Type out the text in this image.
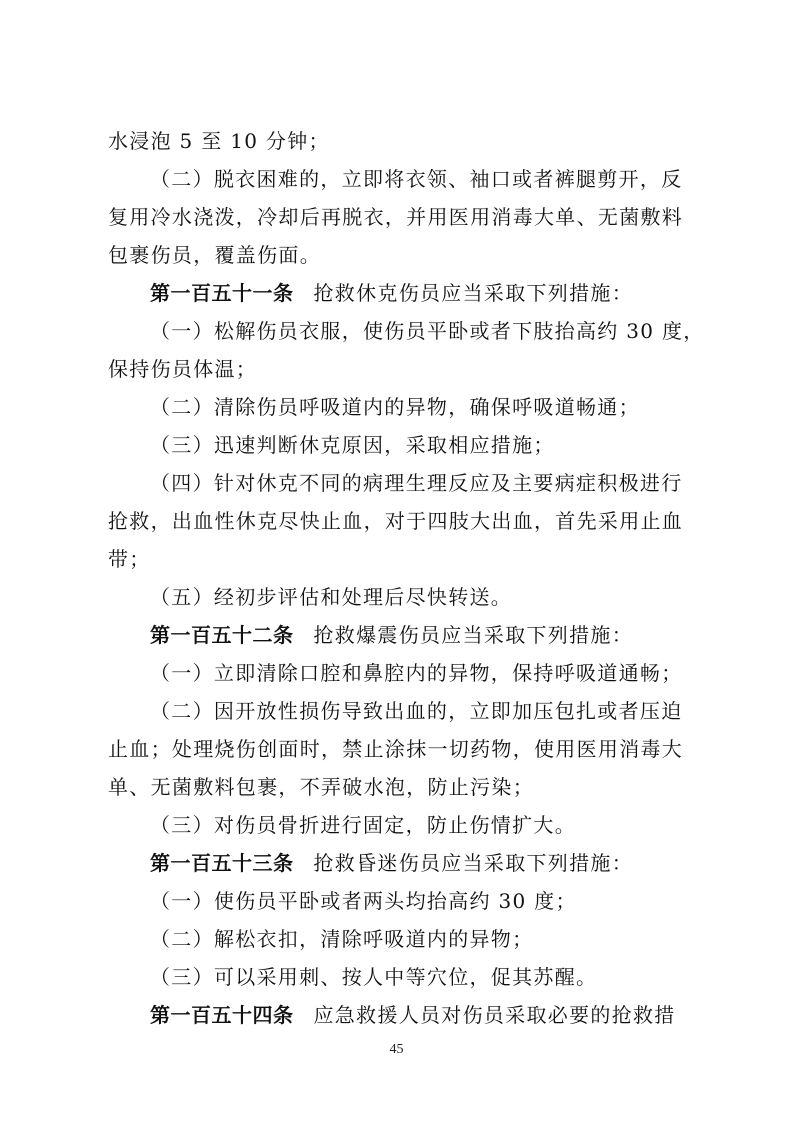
水浸泡 5 至 10 分钟；
（二）脱衣困难的，立即将衣领、袖口或者裤腿剪开，反
复用冷水浇泼，冷却后再脱衣，并用医用消毒大单、无菌敷料
包裹伤员，覆盖伤面。
第一百五十一条 抢救休克伤员应当采取下列措施：
（一）松解伤员衣服，使伤员平卧或者下肢抬高约 30 度，
保持伤员体温；
（二）清除伤员呼吸道内的异物，确保呼吸道畅通；
（三）迅速判断休克原因，采取相应措施；
（四）针对休克不同的病理生理反应及主要病症积极进行
抢救，出血性休克尽快止血，对于四肢大出血，首先采用止血
带；
（五）经初步评估和处理后尽快转送。
第一百五十二条 抢救爆震伤员应当采取下列措施：
（一）立即清除口腔和鼻腔内的异物，保持呼吸道通畅；
（二）因开放性损伤导致出血的，立即加压包扎或者压迫
止血；处理烧伤创面时，禁止涂抹一切药物，使用医用消毒大
单、无菌敷料包裹，不弄破水泡，防止污染；
（三）对伤员骨折进行固定，防止伤情扩大。
第一百五十三条 抢救昏迷伤员应当采取下列措施：
（一）使伤员平卧或者两头均抬高约 30 度；
（二）解松衣扣，清除呼吸道内的异物；
（三）可以采用刺、按人中等穴位，促其苏醒。
第一百五十四条 应急救援人员对伤员采取必要的抢救措
45
